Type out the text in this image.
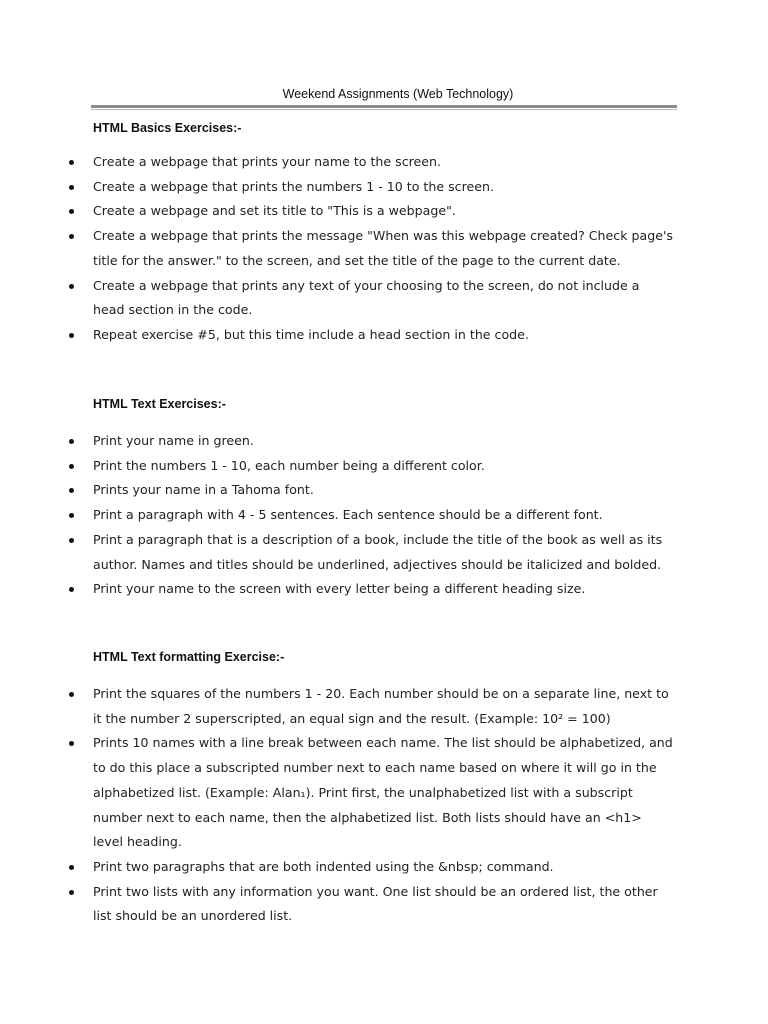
Weekend Assignments (Web Technology)
HTML Basics Exercises:-
Create a webpage that prints your name to the screen.
Create a webpage that prints the numbers 1 - 10 to the screen.
Create a webpage and set its title to "This is a webpage".
Create a webpage that prints the message "When was this webpage created? Check page's title for the answer." to the screen, and set the title of the page to the current date.
Create a webpage that prints any text of your choosing to the screen, do not include a head section in the code.
Repeat exercise #5, but this time include a head section in the code.
HTML Text Exercises:-
Print your name in green.
Print the numbers 1 - 10, each number being a different color.
Prints your name in a Tahoma font.
Print a paragraph with 4 - 5 sentences. Each sentence should be a different font.
Print a paragraph that is a description of a book, include the title of the book as well as its author. Names and titles should be underlined, adjectives should be italicized and bolded.
Print your name to the screen with every letter being a different heading size.
HTML Text formatting Exercise:-
Print the squares of the numbers 1 - 20. Each number should be on a separate line, next to it the number 2 superscripted, an equal sign and the result. (Example: 10² = 100)
Prints 10 names with a line break between each name. The list should be alphabetized, and to do this place a subscripted number next to each name based on where it will go in the alphabetized list. (Example: Alan₁). Print first, the unalphabetized list with a subscript number next to each name, then the alphabetized list. Both lists should have an <h1> level heading.
Print two paragraphs that are both indented using the &nbsp; command.
Print two lists with any information you want. One list should be an ordered list, the other list should be an unordered list.
